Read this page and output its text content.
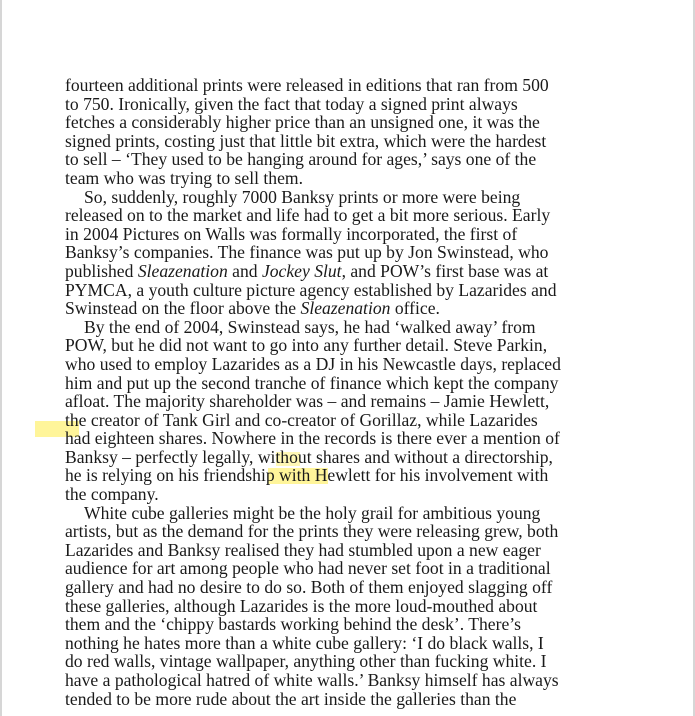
fourteen additional prints were released in editions that ran from 500
to 750. Ironically, given the fact that today a signed print always
fetches a considerably higher price than an unsigned one, it was the
signed prints, costing just that little bit extra, which were the hardest
to sell – ‘They used to be hanging around for ages,’ says one of the
team who was trying to sell them.
So, suddenly, roughly 7000 Banksy prints or more were being
released on to the market and life had to get a bit more serious. Early
in 2004 Pictures on Walls was formally incorporated, the first of
Banksy’s companies. The finance was put up by Jon Swinstead, who
published Sleazenation and Jockey Slut, and POW’s first base was at
PYMCA, a youth culture picture agency established by Lazarides and
Swinstead on the floor above the Sleazenation office.
By the end of 2004, Swinstead says, he had ‘walked away’ from
POW, but he did not want to go into any further detail. Steve Parkin,
who used to employ Lazarides as a DJ in his Newcastle days, replaced
him and put up the second tranche of finance which kept the company
afloat. The majority shareholder was – and remains – Jamie Hewlett,
the creator of Tank Girl and co-creator of Gorillaz, while Lazarides
had eighteen shares. Nowhere in the records is there ever a mention of
Banksy – perfectly legally, without shares and without a directorship,
he is relying on his friendship with Hewlett for his involvement with
the company.
White cube galleries might be the holy grail for ambitious young
artists, but as the demand for the prints they were releasing grew, both
Lazarides and Banksy realised they had stumbled upon a new eager
audience for art among people who had never set foot in a traditional
gallery and had no desire to do so. Both of them enjoyed slagging off
these galleries, although Lazarides is the more loud-mouthed about
them and the ‘chippy bastards working behind the desk’. There’s
nothing he hates more than a white cube gallery: ‘I do black walls, I
do red walls, vintage wallpaper, anything other than fucking white. I
have a pathological hatred of white walls.’ Banksy himself has always
tended to be more rude about the art inside the galleries than the
